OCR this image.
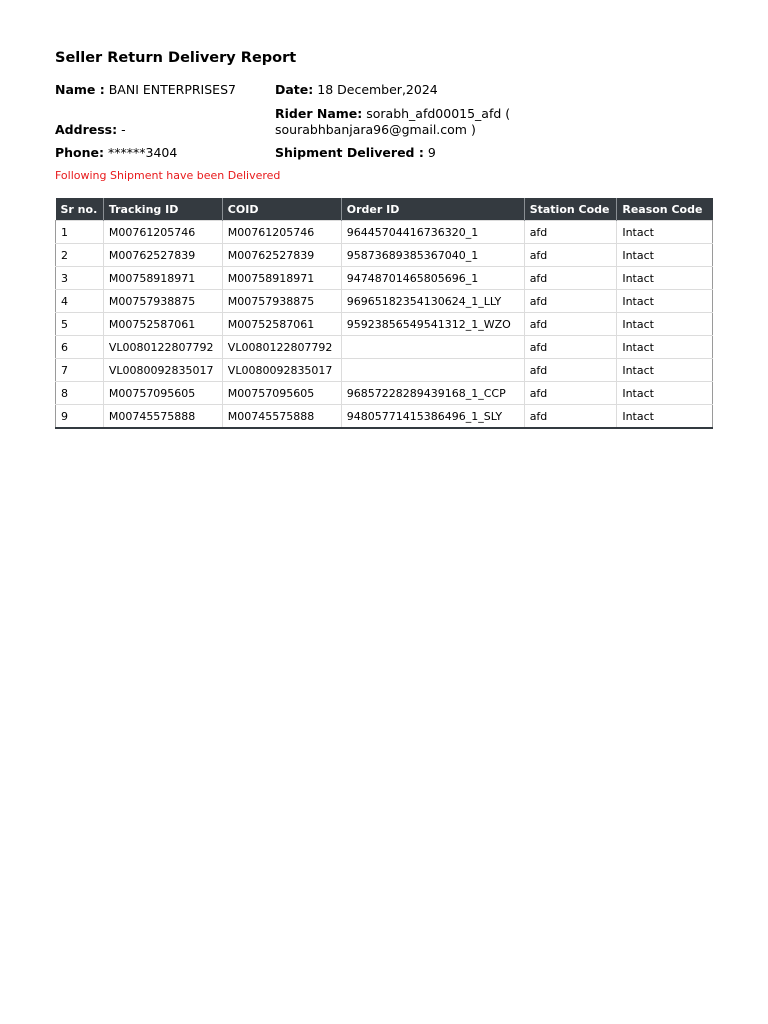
Seller Return Delivery Report
Name : BANI ENTERPRISES7
Address: -
Phone: ******3404
Date: 18 December,2024
Rider Name: sorabh_afd00015_afd ( sourabhbanjara96@gmail.com )
Shipment Delivered : 9
Following Shipment have been Delivered
Sr no.	Tracking ID	COID	Order ID	Station Code	Reason Code
1	M00761205746	M00761205746	96445704416736320_1	afd	Intact
2	M00762527839	M00762527839	95873689385367040_1	afd	Intact
3	M00758918971	M00758918971	94748701465805696_1	afd	Intact
4	M00757938875	M00757938875	96965182354130624_1_LLY	afd	Intact
5	M00752587061	M00752587061	95923856549541312_1_WZO	afd	Intact
6	VL0080122807792	VL0080122807792		afd	Intact
7	VL0080092835017	VL0080092835017		afd	Intact
8	M00757095605	M00757095605	96857228289439168_1_CCP	afd	Intact
9	M00745575888	M00745575888	94805771415386496_1_SLY	afd	Intact
